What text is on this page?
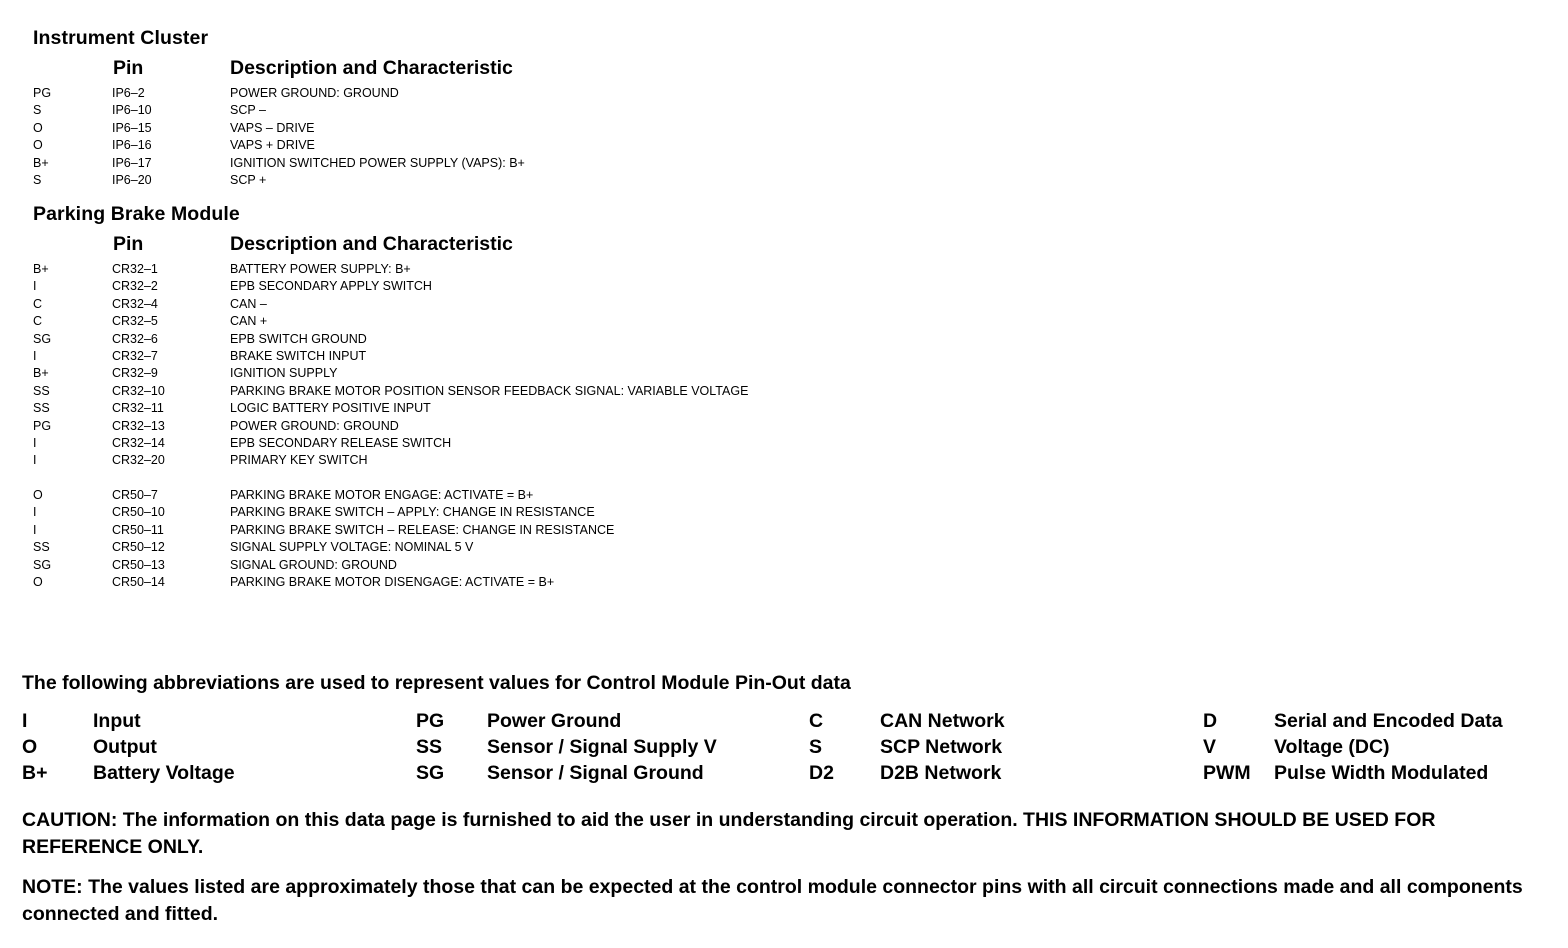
Instrument Cluster
Pin	Description and Characteristic
PG	IP6–2	POWER GROUND: GROUND
S	IP6–10	SCP –
O	IP6–15	VAPS – DRIVE
O	IP6–16	VAPS + DRIVE
B+	IP6–17	IGNITION SWITCHED POWER SUPPLY (VAPS): B+
S	IP6–20	SCP +
Parking Brake Module
Pin	Description and Characteristic
B+	CR32–1	BATTERY POWER SUPPLY: B+
I	CR32–2	EPB SECONDARY APPLY SWITCH
C	CR32–4	CAN –
C	CR32–5	CAN +
SG	CR32–6	EPB SWITCH GROUND
I	CR32–7	BRAKE SWITCH INPUT
B+	CR32–9	IGNITION SUPPLY
SS	CR32–10	PARKING BRAKE MOTOR POSITION SENSOR FEEDBACK SIGNAL: VARIABLE VOLTAGE
SS	CR32–11	LOGIC BATTERY POSITIVE INPUT
PG	CR32–13	POWER GROUND: GROUND
I	CR32–14	EPB SECONDARY RELEASE SWITCH
I	CR32–20	PRIMARY KEY SWITCH
O	CR50–7	PARKING BRAKE MOTOR ENGAGE: ACTIVATE = B+
I	CR50–10	PARKING BRAKE SWITCH – APPLY: CHANGE IN RESISTANCE
I	CR50–11	PARKING BRAKE SWITCH – RELEASE: CHANGE IN RESISTANCE
SS	CR50–12	SIGNAL SUPPLY VOLTAGE: NOMINAL 5 V
SG	CR50–13	SIGNAL GROUND: GROUND
O	CR50–14	PARKING BRAKE MOTOR DISENGAGE: ACTIVATE = B+
The following abbreviations are used to represent values for Control Module Pin-Out data
I	Input	PG Power Ground	C	CAN Network	D	Serial and Encoded Data
O	Output	SS Sensor / Signal Supply V	S	SCP Network	V	Voltage (DC)
B+ Battery Voltage	SG Sensor / Signal Ground	D2 D2B Network	PWM Pulse Width Modulated
CAUTION: The information on this data page is furnished to aid the user in understanding circuit operation. THIS INFORMATION SHOULD BE USED FOR REFERENCE ONLY.
NOTE: The values listed are approximately those that can be expected at the control module connector pins with all circuit connections made and all components connected and fitted.
